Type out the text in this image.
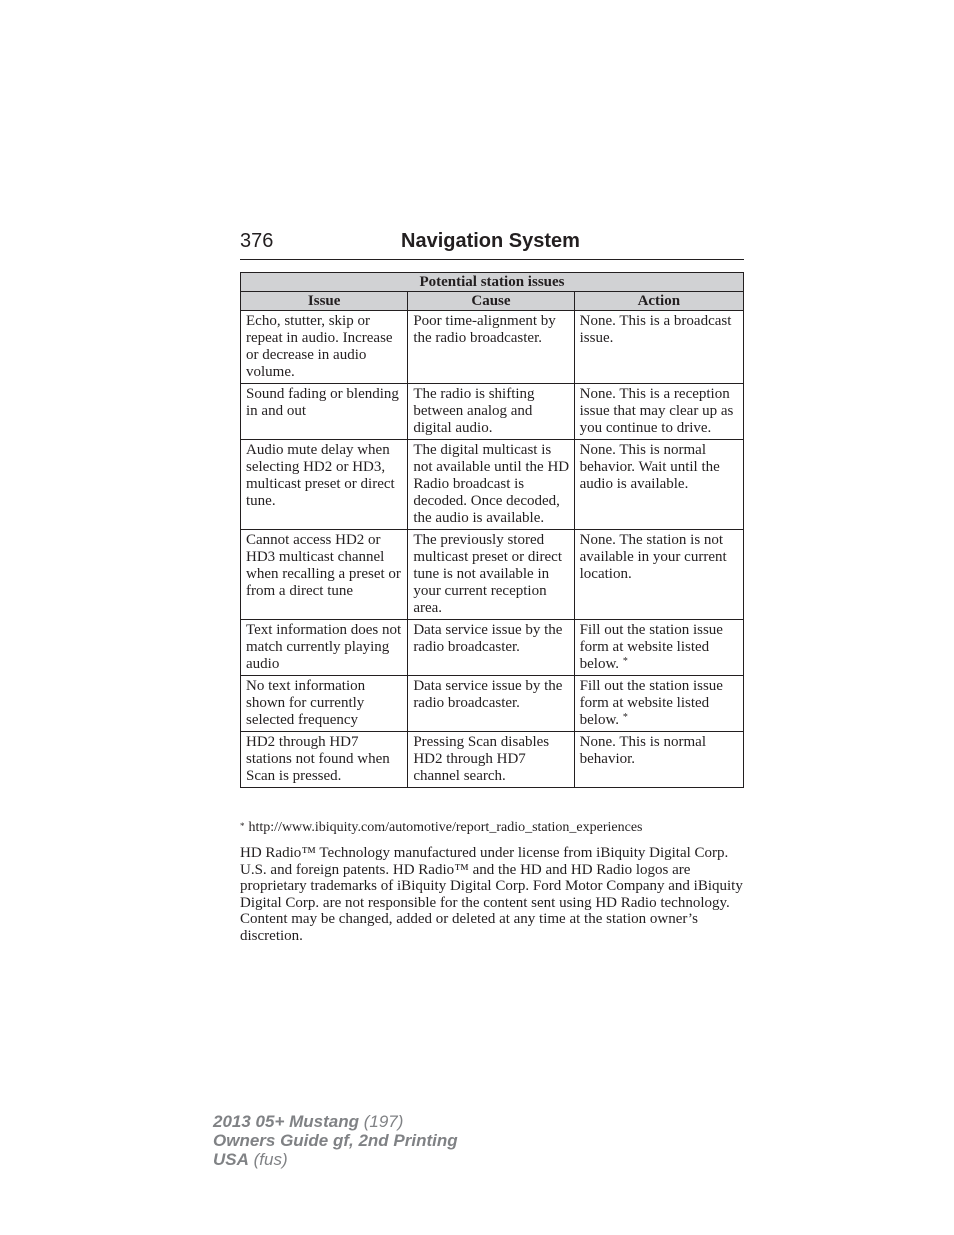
376	Navigation System
Potential station issues		
Issue	Cause	Action
Echo, stutter, skip or repeat in audio. Increase or decrease in audio volume.	Poor time-alignment by the radio broadcaster.	None. This is a broadcast issue.
Sound fading or blending in and out	The radio is shifting between analog and digital audio.	None. This is a reception issue that may clear up as you continue to drive.
Audio mute delay when selecting HD2 or HD3, multicast preset or direct tune.	The digital multicast is not available until the HD Radio broadcast is decoded. Once decoded, the audio is available.	None. This is normal behavior. Wait until the audio is available.
Cannot access HD2 or HD3 multicast channel when recalling a preset or from a direct tune	The previously stored multicast preset or direct tune is not available in your current reception area.	None. The station is not available in your current location.
Text information does not match currently playing audio	Data service issue by the radio broadcaster.	Fill out the station issue form at website listed below. *
No text information shown for currently selected frequency	Data service issue by the radio broadcaster.	Fill out the station issue form at website listed below. *
HD2 through HD7 stations not found when Scan is pressed.	Pressing Scan disables HD2 through HD7 channel search.	None. This is normal behavior.
* http://www.ibiquity.com/automotive/report_radio_station_experiences
HD Radio™ Technology manufactured under license from iBiquity Digital Corp. U.S. and foreign patents. HD Radio™ and the HD and HD Radio logos are proprietary trademarks of iBiquity Digital Corp. Ford Motor Company and iBiquity Digital Corp. are not responsible for the content sent using HD Radio technology. Content may be changed, added or deleted at any time at the station owner’s discretion.
2013 05+ Mustang (197)
Owners Guide gf, 2nd Printing
USA (fus)
